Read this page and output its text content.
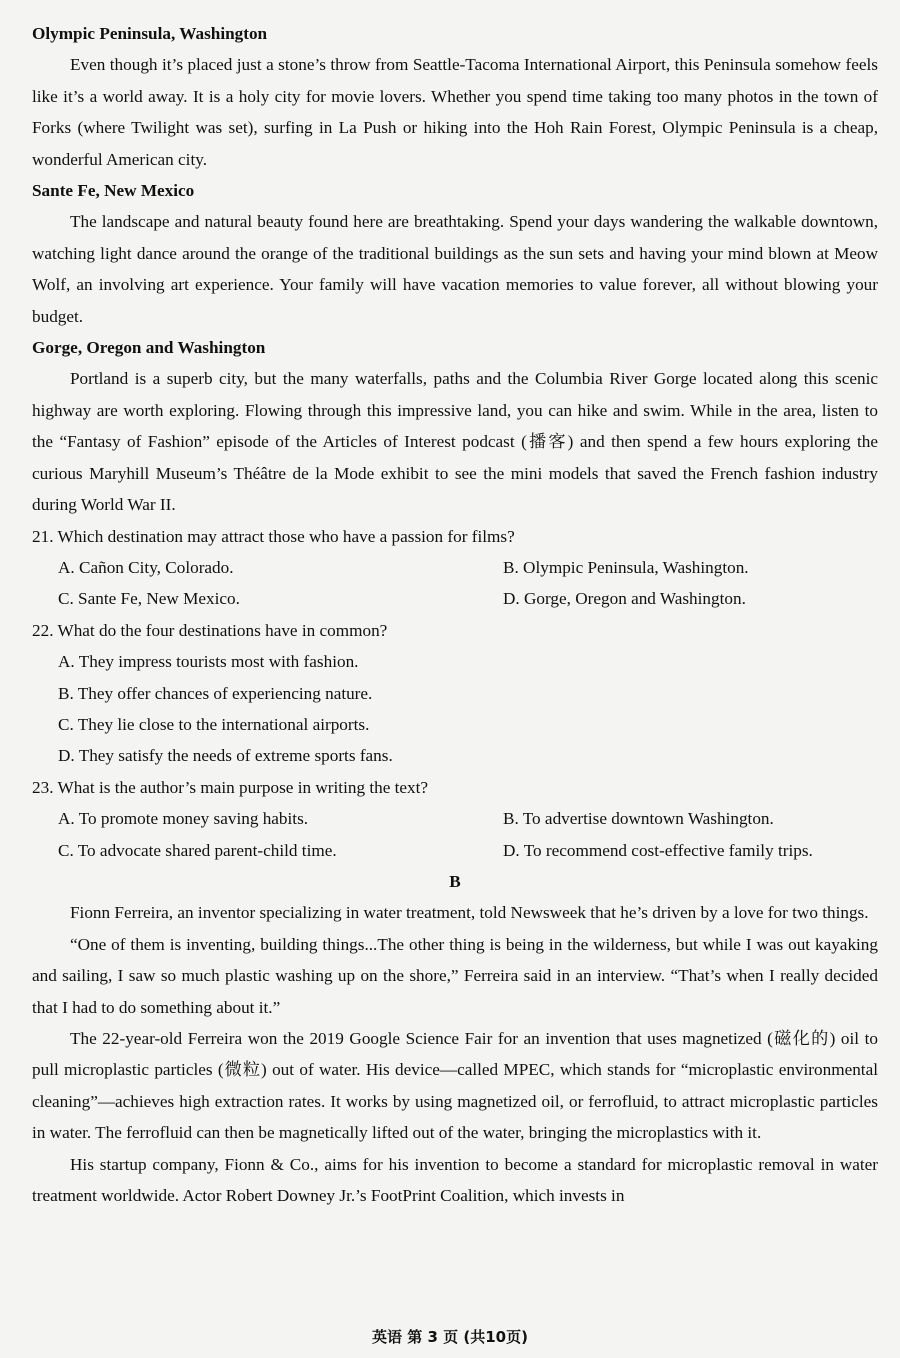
Olympic Peninsula, Washington

Even though it’s placed just a stone’s throw from Seattle-Tacoma International Airport, this Peninsula somehow feels like it’s a world away. It is a holy city for movie lovers. Whether you spend time taking too many photos in the town of Forks (where Twilight was set), surfing in La Push or hiking into the Hoh Rain Forest, Olympic Peninsula is a cheap, wonderful American city.

Sante Fe, New Mexico

The landscape and natural beauty found here are breathtaking. Spend your days wandering the walkable downtown, watching light dance around the orange of the traditional buildings as the sun sets and having your mind blown at Meow Wolf, an involving art experience. Your family will have vacation memories to value forever, all without blowing your budget.

Gorge, Oregon and Washington

Portland is a superb city, but the many waterfalls, paths and the Columbia River Gorge located along this scenic highway are worth exploring. Flowing through this impressive land, you can hike and swim. While in the area, listen to the “Fantasy of Fashion” episode of the Articles of Interest podcast (播客) and then spend a few hours exploring the curious Maryhill Museum’s Théâtre de la Mode exhibit to see the mini models that saved the French fashion industry during World War II.

21. Which destination may attract those who have a passion for films?

A. Cañon City, Colorado.	B. Olympic Peninsula, Washington.
C. Sante Fe, New Mexico.	D. Gorge, Oregon and Washington.

22. What do the four destinations have in common?

A. They impress tourists most with fashion.
B. They offer chances of experiencing nature.
C. They lie close to the international airports.
D. They satisfy the needs of extreme sports fans.

23. What is the author’s main purpose in writing the text?

A. To promote money saving habits.	B. To advertise downtown Washington.
C. To advocate shared parent-child time.	D. To recommend cost-effective family trips.

B

Fionn Ferreira, an inventor specializing in water treatment, told Newsweek that he’s driven by a love for two things.

“One of them is inventing, building things...The other thing is being in the wilderness, but while I was out kayaking and sailing, I saw so much plastic washing up on the shore,” Ferreira said in an interview. “That’s when I really decided that I had to do something about it.”

The 22-year-old Ferreira won the 2019 Google Science Fair for an invention that uses magnetized (磁化的) oil to pull microplastic particles (微粒) out of water. His device—called MPEC, which stands for “microplastic environmental cleaning”—achieves high extraction rates. It works by using magnetized oil, or ferrofluid, to attract microplastic particles in water. The ferrofluid can then be magnetically lifted out of the water, bringing the microplastics with it.

His startup company, Fionn & Co., aims for his invention to become a standard for microplastic removal in water treatment worldwide. Actor Robert Downey Jr.’s FootPrint Coalition, which invests in

英语 第 3 页 (共10页)
